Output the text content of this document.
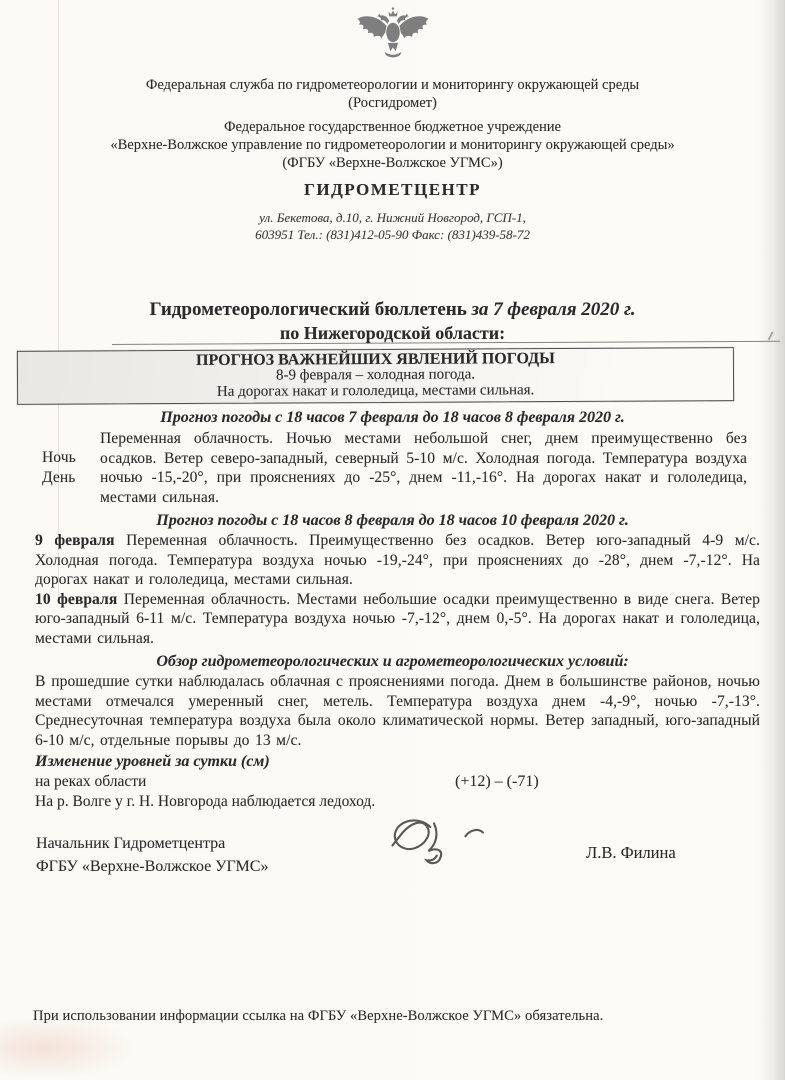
Федеральная служба по гидрометеорологии и мониторингу окружающей среды
(Росгидромет)
Федеральное государственное бюджетное учреждение
«Верхне-Волжское управление по гидрометеорологии и мониторингу окружающей среды»
(ФГБУ «Верхне-Волжское УГМС»)
ГИДРОМЕТЦЕНТР
ул. Бекетова, д.10, г. Нижний Новгород, ГСП-1,
603951 Тел.: (831)412-05-90 Факс: (831)439-58-72
Гидрометеорологический бюллетень за 7 февраля 2020 г.
по Нижегородской области:
ПРОГНОЗ ВАЖНЕЙШИХ ЯВЛЕНИЙ ПОГОДЫ
8-9 февраля – холодная погода.
На дорогах накат и гололедица, местами сильная.
Прогноз погоды с 18 часов 7 февраля до 18 часов 8 февраля 2020 г.
Ночь
День
Переменная облачность. Ночью местами небольшой снег, днем преимущественно без осадков. Ветер северо-западный, северный 5-10 м/с. Холодная погода. Температура воздуха ночью -15,-20°, при прояснениях до -25°, днем -11,-16°. На дорогах накат и гололедица, местами сильная.
Прогноз погоды с 18 часов 8 февраля до 18 часов 10 февраля 2020 г.
9 февраля Переменная облачность. Преимущественно без осадков. Ветер юго-западный 4-9 м/с. Холодная погода. Температура воздуха ночью -19,-24°, при прояснениях до -28°, днем -7,-12°. На дорогах накат и гололедица, местами сильная.
10 февраля Переменная облачность. Местами небольшие осадки преимущественно в виде снега. Ветер юго-западный 6-11 м/с. Температура воздуха ночью -7,-12°, днем 0,-5°. На дорогах накат и гололедица, местами сильная.
Обзор гидрометеорологических и агрометеорологических условий:
В прошедшие сутки наблюдалась облачная с прояснениями погода. Днем в большинстве районов, ночью местами отмечался умеренный снег, метель. Температура воздуха днем -4,-9°, ночью -7,-13°. Среднесуточная температура воздуха была около климатической нормы. Ветер западный, юго-западный 6-10 м/с, отдельные порывы до 13 м/с.
Изменение уровней за сутки (см)
на реках области	(+12) – (-71)
На р. Волге у г. Н. Новгорода наблюдается ледоход.
Начальник Гидрометцентра
ФГБУ «Верхне-Волжское УГМС»
Л.В. Филина
При использовании информации ссылка на ФГБУ «Верхне-Волжское УГМС» обязательна.
